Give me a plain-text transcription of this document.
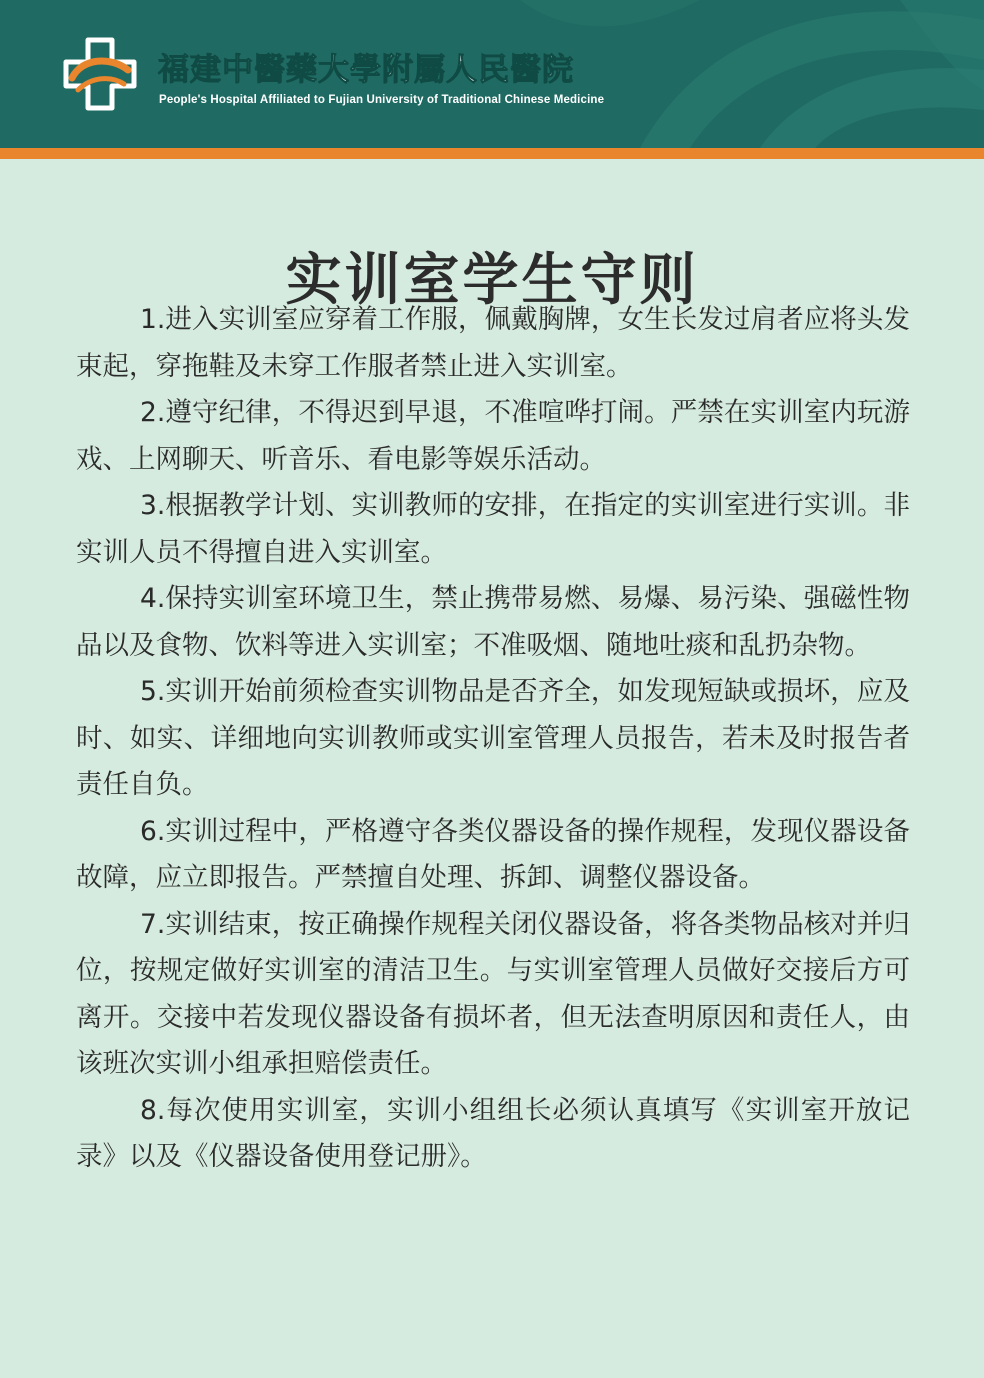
福建中醫藥大學附屬人民醫院
People's Hospital Affiliated to Fujian University of Traditional Chinese Medicine
实训室学生守则

1.进入实训室应穿着工作服，佩戴胸牌，女生长发过肩者应将头发束起，穿拖鞋及未穿工作服者禁止进入实训室。

2.遵守纪律，不得迟到早退，不准喧哗打闹。严禁在实训室内玩游戏、上网聊天、听音乐、看电影等娱乐活动。

3.根据教学计划、实训教师的安排，在指定的实训室进行实训。非实训人员不得擅自进入实训室。

4.保持实训室环境卫生，禁止携带易燃、易爆、易污染、强磁性物品以及食物、饮料等进入实训室；不准吸烟、随地吐痰和乱扔杂物。

5.实训开始前须检查实训物品是否齐全，如发现短缺或损坏，应及时、如实、详细地向实训教师或实训室管理人员报告，若未及时报告者责任自负。

6.实训过程中，严格遵守各类仪器设备的操作规程，发现仪器设备故障，应立即报告。严禁擅自处理、拆卸、调整仪器设备。

7.实训结束，按正确操作规程关闭仪器设备，将各类物品核对并归位，按规定做好实训室的清洁卫生。与实训室管理人员做好交接后方可离开。交接中若发现仪器设备有损坏者，但无法查明原因和责任人，由该班次实训小组承担赔偿责任。

8.每次使用实训室，实训小组组长必须认真填写《实训室开放记录》以及《仪器设备使用登记册》。
